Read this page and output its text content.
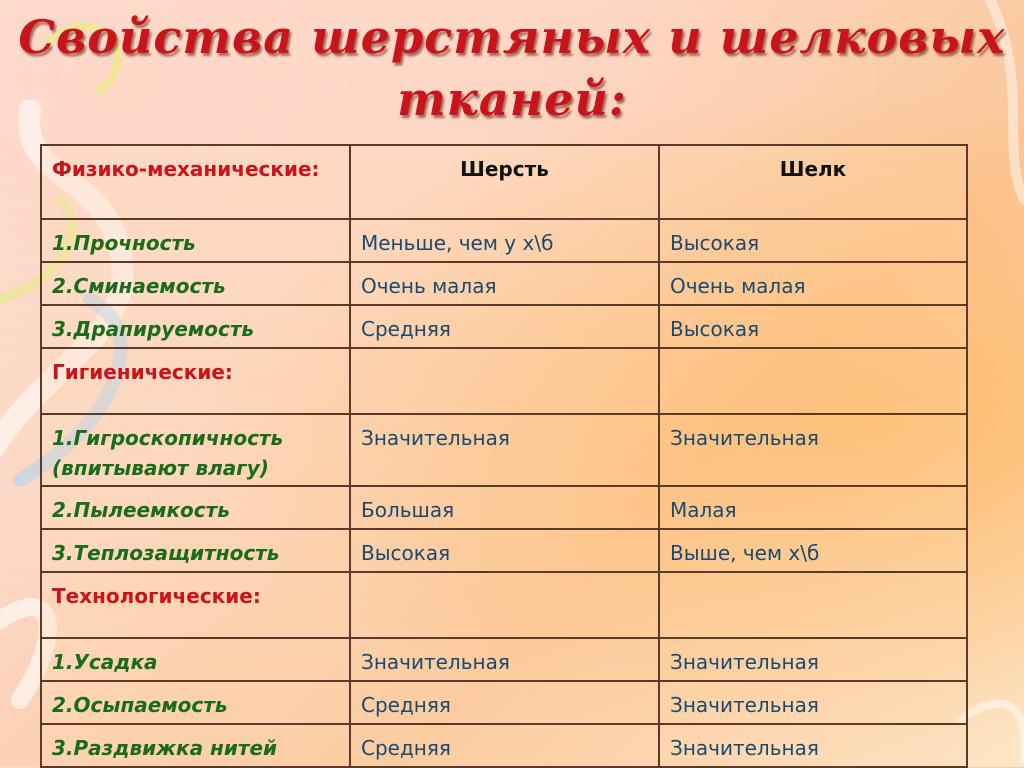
Свойства шерстяных и шелковых
тканей:
Физико-механические:	Шерсть	Шелк
1.Прочность	Меньше, чем у х\б	Высокая
2.Сминаемость	Очень малая	Очень малая
3.Драпируемость	Средняя	Высокая
Гигиенические:		
1.Гигроскопичность (впитывают влагу)	Значительная	Значительная
2.Пылеемкость	Большая	Малая
3.Теплозащитность	Высокая	Выше, чем х\б
Технологические:		
1.Усадка	Значительная	Значительная
2.Осыпаемость	Средняя	Значительная
3.Раздвижка нитей	Средняя	Значительная
